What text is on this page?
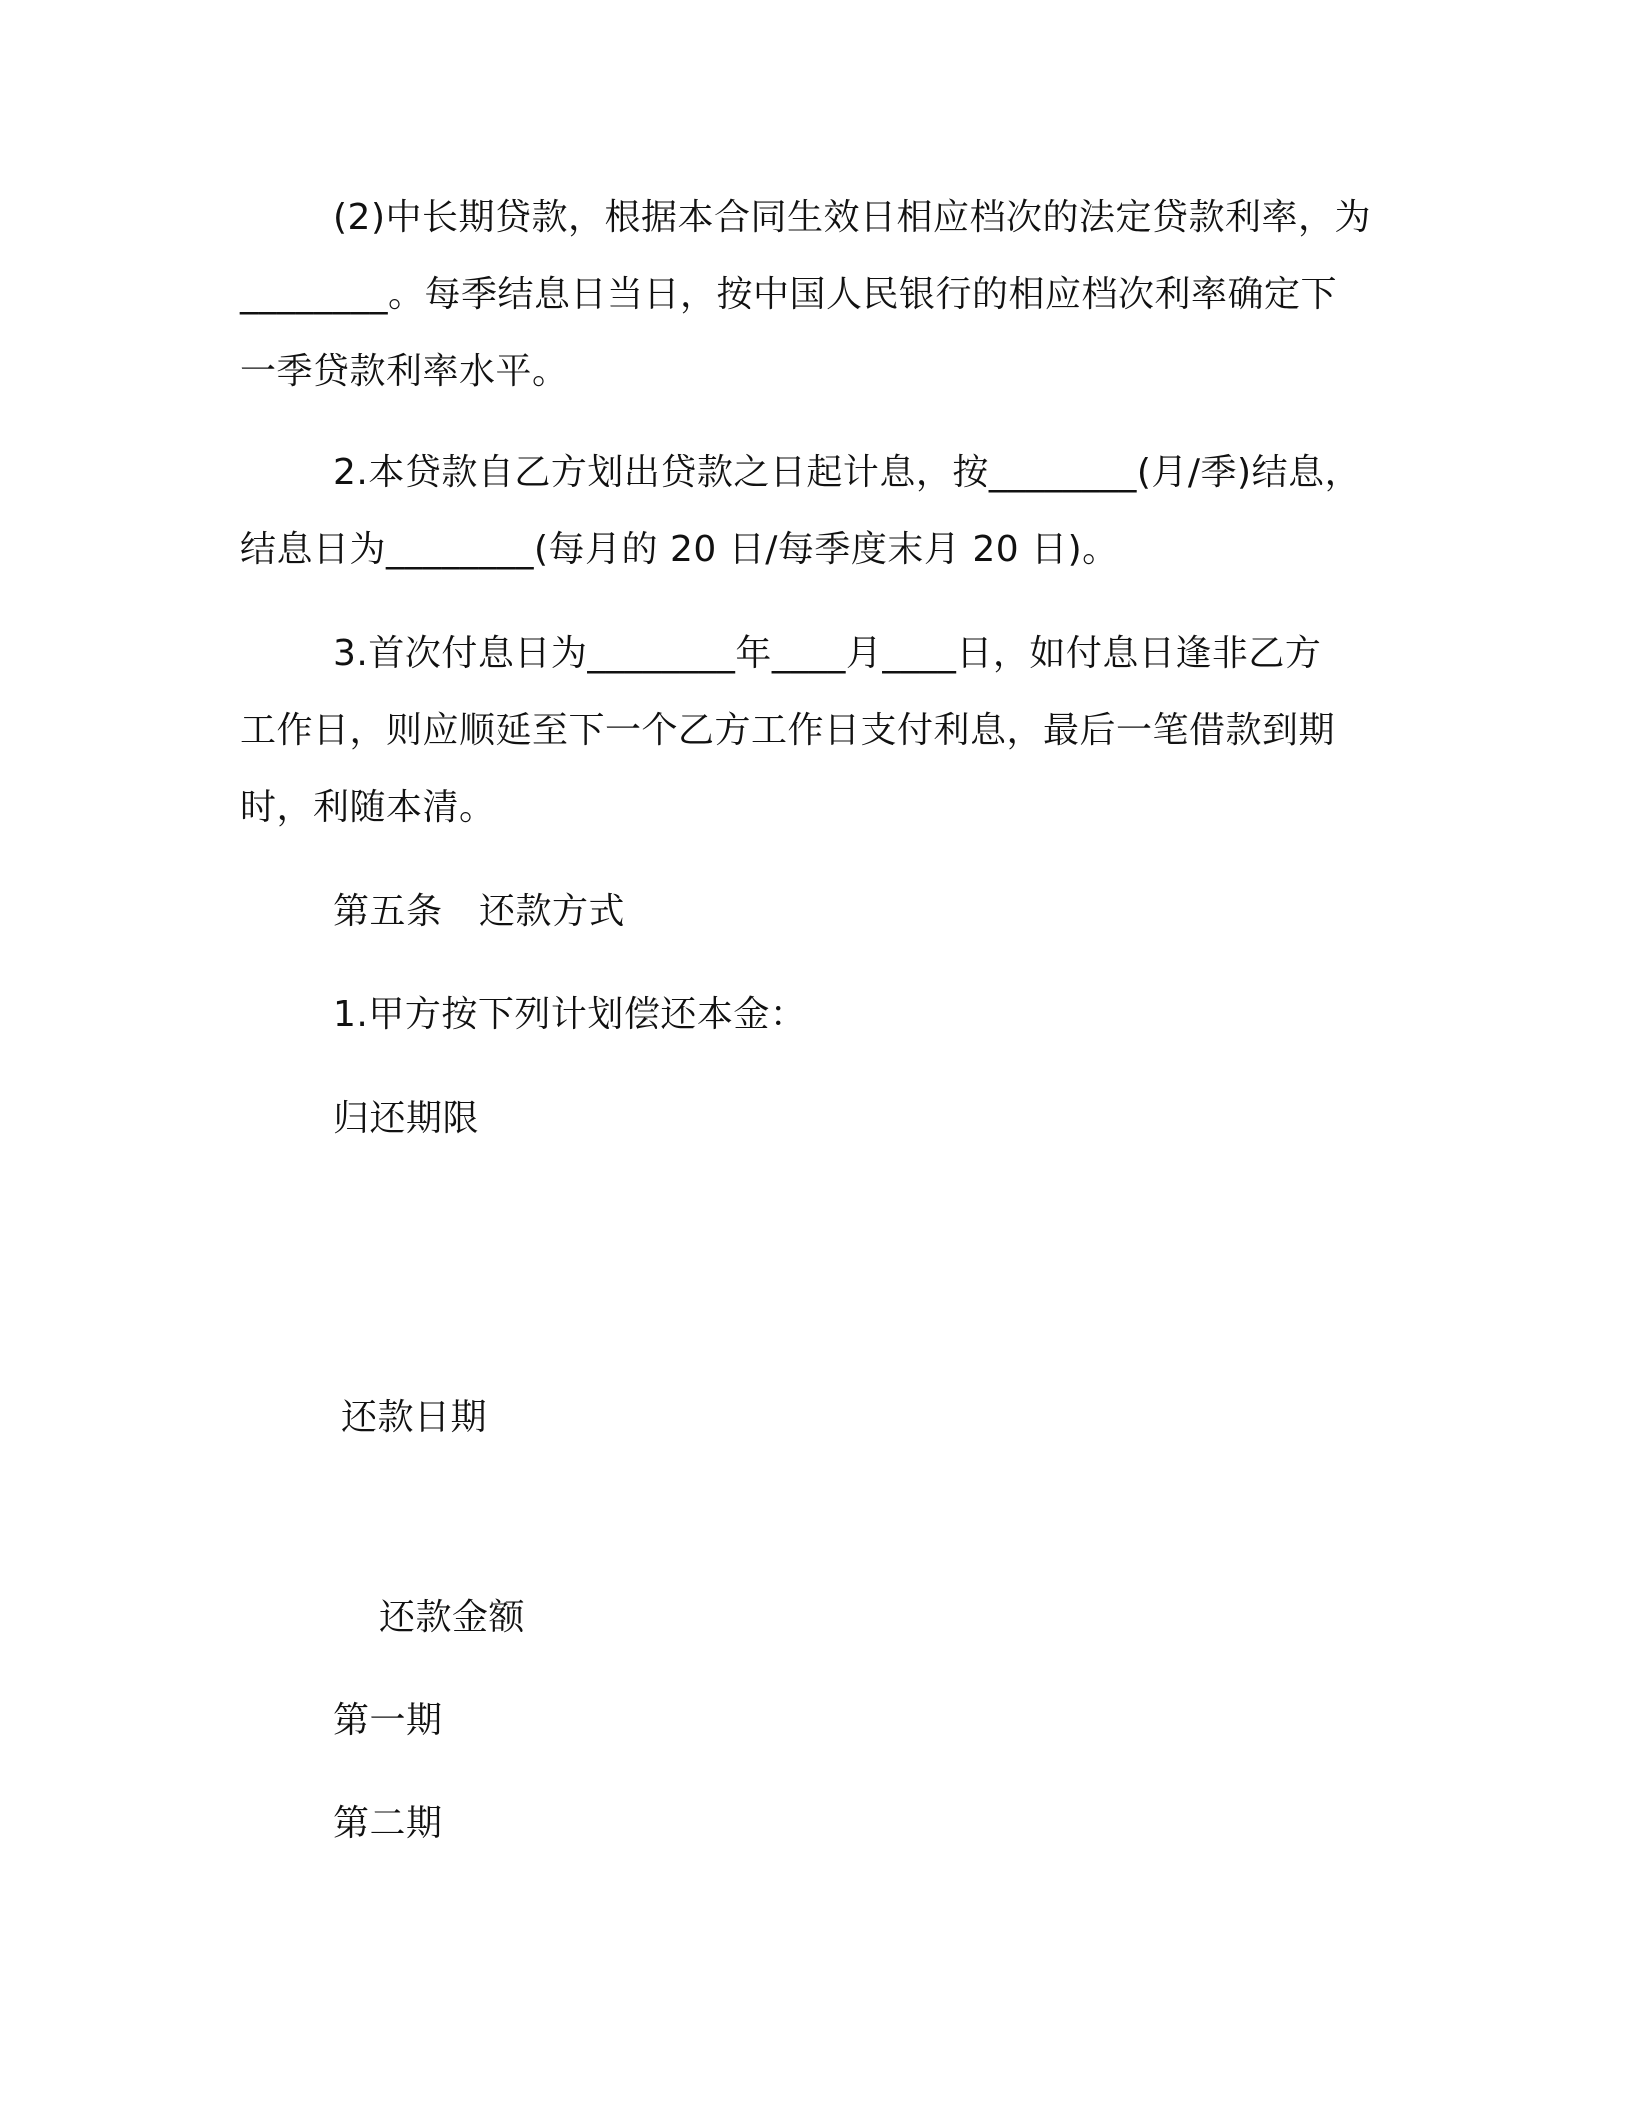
(2)中长期贷款，根据本合同生效日相应档次的法定贷款利率，为
________。每季结息日当日，按中国人民银行的相应档次利率确定下
一季贷款利率水平。
2.本贷款自乙方划出贷款之日起计息，按________(月/季)结息，
结息日为________(每月的 20 日/每季度末月 20 日)。
3.首次付息日为________年____月____日，如付息日逢非乙方
工作日，则应顺延至下一个乙方工作日支付利息，最后一笔借款到期
时，利随本清。
第五条　还款方式
1.甲方按下列计划偿还本金：
归还期限
还款日期
还款金额
第一期
第二期
